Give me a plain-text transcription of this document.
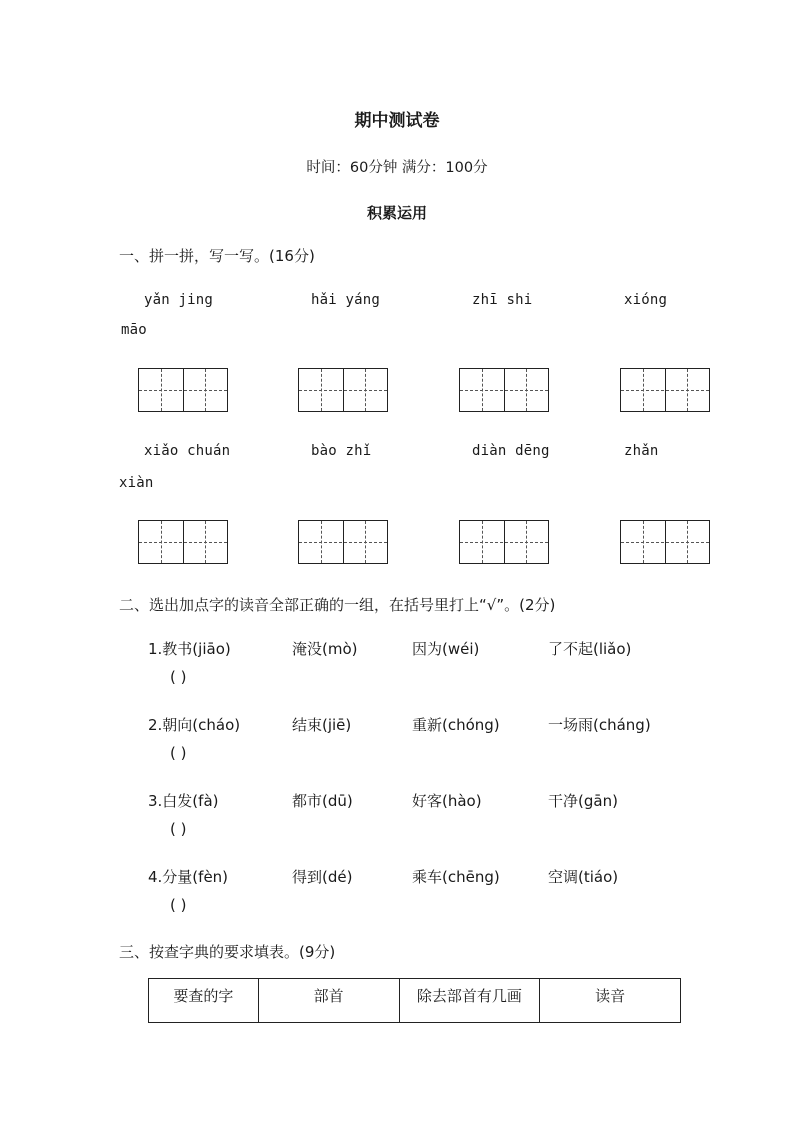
期中测试卷
时间：60分钟 满分：100分
积累运用
一、拼一拼，写一写。(16分)
yǎn jing	hǎi yáng	zhī shi	xióng
māo
xiǎo chuán	bào zhǐ	diàn dēng	zhǎn
xiàn
二、选出加点字的读音全部正确的一组，在括号里打上“√”。(2分)
1.教书(jiāo)	淹没(mò)	因为(wéi)	了不起(liǎo)
( )
2.朝向(cháo)	结束(jiē)	重新(chóng)	一场雨(cháng)
( )
3.白发(fà)	都市(dū)	好客(hào)	干净(gān)
( )
4.分量(fèn)	得到(dé)	乘车(chēng)	空调(tiáo)
( )
三、按查字典的要求填表。(9分)
要查的字	部首	除去部首有几画	读音
